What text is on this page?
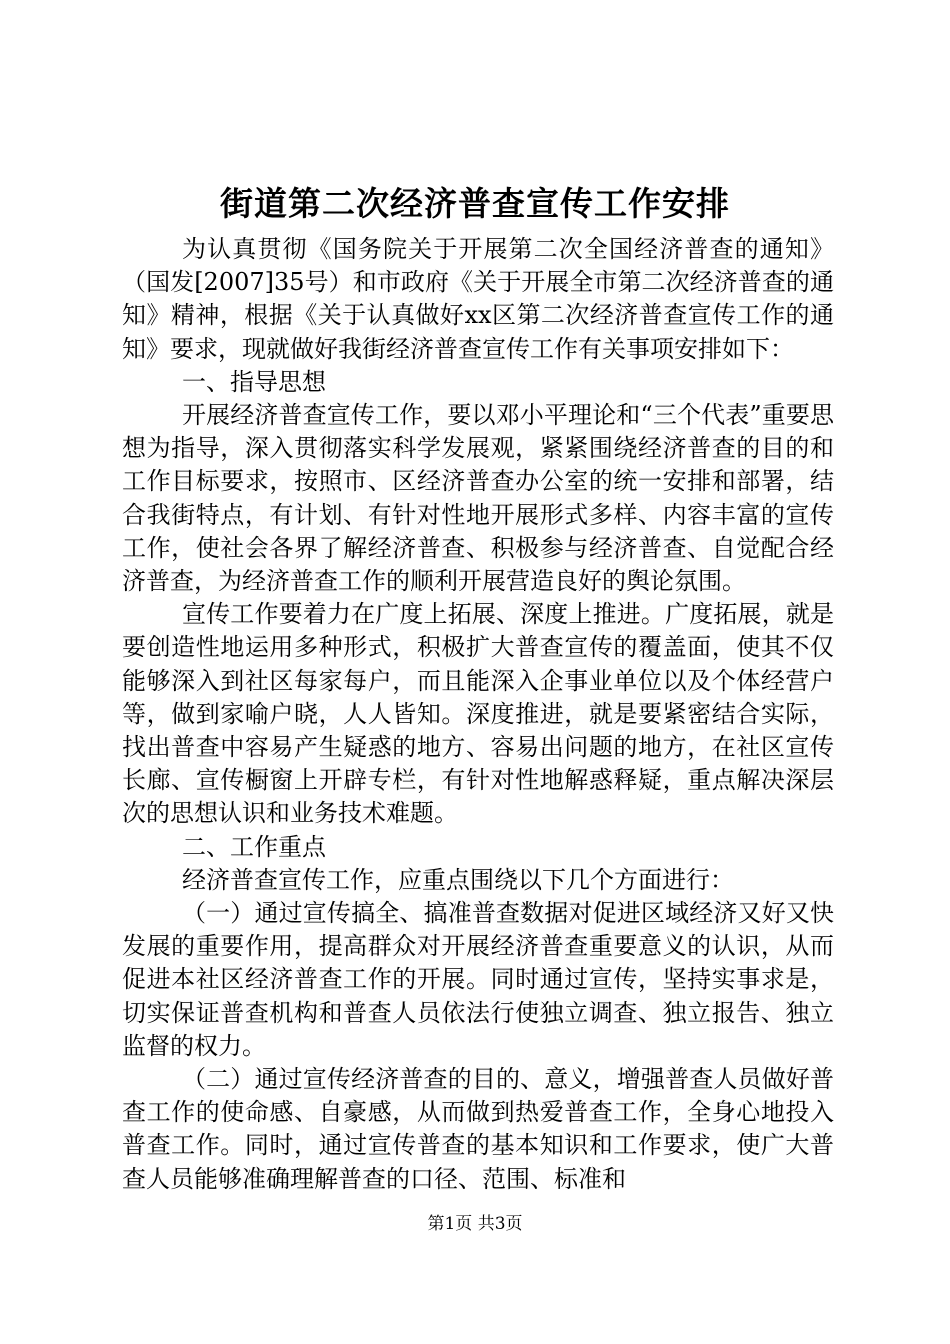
街道第二次经济普查宣传工作安排

为认真贯彻《国务院关于开展第二次全国经济普查的通知》（国发[2007]35号）和市政府《关于开展全市第二次经济普查的通知》精神，根据《关于认真做好xx区第二次经济普查宣传工作的通知》要求，现就做好我街经济普查宣传工作有关事项安排如下：

一、指导思想

开展经济普查宣传工作，要以邓小平理论和“三个代表”重要思想为指导，深入贯彻落实科学发展观，紧紧围绕经济普查的目的和工作目标要求，按照市、区经济普查办公室的统一安排和部署，结合我街特点，有计划、有针对性地开展形式多样、内容丰富的宣传工作，使社会各界了解经济普查、积极参与经济普查、自觉配合经济普查，为经济普查工作的顺利开展营造良好的舆论氛围。

宣传工作要着力在广度上拓展、深度上推进。广度拓展，就是要创造性地运用多种形式，积极扩大普查宣传的覆盖面，使其不仅能够深入到社区每家每户，而且能深入企事业单位以及个体经营户等，做到家喻户晓，人人皆知。深度推进，就是要紧密结合实际，找出普查中容易产生疑惑的地方、容易出问题的地方，在社区宣传长廊、宣传橱窗上开辟专栏，有针对性地解惑释疑，重点解决深层次的思想认识和业务技术难题。

二、工作重点

经济普查宣传工作，应重点围绕以下几个方面进行：

（一）通过宣传搞全、搞准普查数据对促进区域经济又好又快发展的重要作用，提高群众对开展经济普查重要意义的认识，从而促进本社区经济普查工作的开展。同时通过宣传，坚持实事求是，切实保证普查机构和普查人员依法行使独立调查、独立报告、独立监督的权力。

（二）通过宣传经济普查的目的、意义，增强普查人员做好普查工作的使命感、自豪感，从而做到热爱普查工作，全身心地投入普查工作。同时，通过宣传普查的基本知识和工作要求，使广大普查人员能够准确理解普查的口径、范围、标准和

第1页 共3页
